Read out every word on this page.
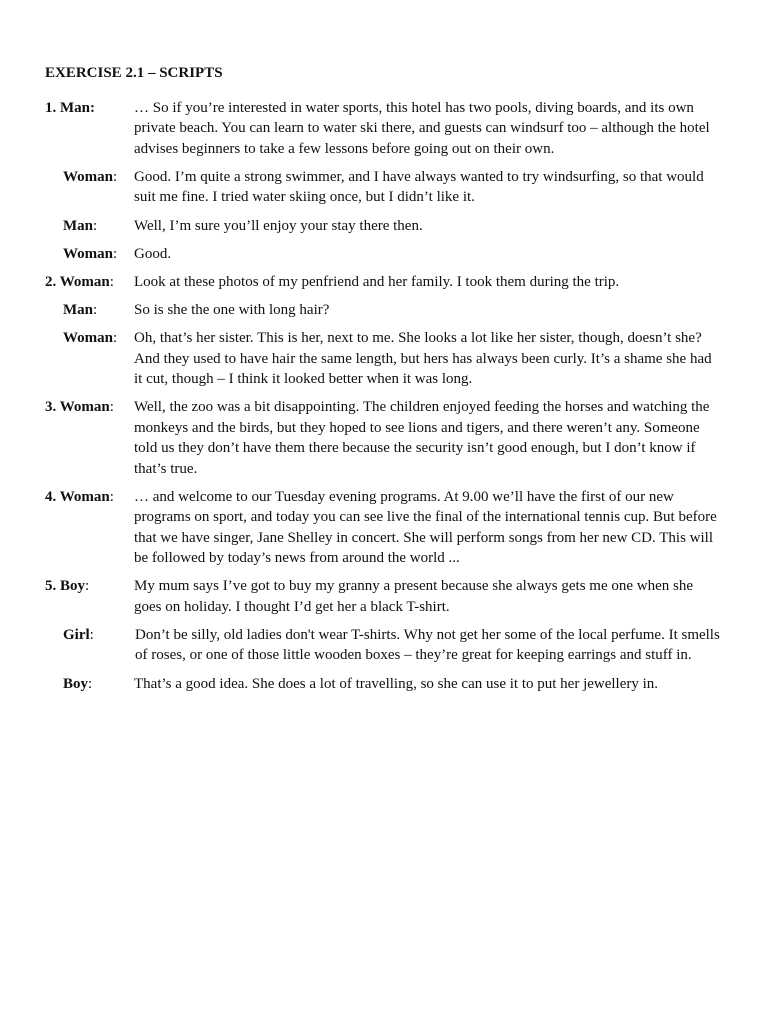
EXERCISE 2.1 – SCRIPTS
1. Man:	… So if you’re interested in water sports, this hotel has two pools, diving boards, and its own private beach. You can learn to water ski there, and guests can windsurf too – although the hotel advises beginners to take a few lessons before going out on their own.
Woman:	Good. I’m quite a strong swimmer, and I have always wanted to try windsurfing, so that would suit me fine. I tried water skiing once, but I didn’t like it.
Man:	Well, I’m sure you’ll enjoy your stay there then.
Woman:	Good.
2. Woman:	Look at these photos of my penfriend and her family. I took them during the trip.
Man:	So is she the one with long hair?
Woman:	Oh, that’s her sister. This is her, next to me. She looks a lot like her sister, though, doesn’t she? And they used to have hair the same length, but hers has always been curly. It’s a shame she had it cut, though – I think it looked better when it was long.
3. Woman:	Well, the zoo was a bit disappointing. The children enjoyed feeding the horses and watching the monkeys and the birds, but they hoped to see lions and tigers, and there weren’t any. Someone told us they don’t have them there because the security isn’t good enough, but I don’t know if that’s true.
4. Woman:	… and welcome to our Tuesday evening programs. At 9.00 we’ll have the first of our new programs on sport, and today you can see live the final of the international tennis cup. But before that we have singer, Jane Shelley in concert. She will perform songs from her new CD. This will be followed by today’s news from around the world ...
5. Boy:	My mum says I’ve got to buy my granny a present because she always gets me one when she goes on holiday. I thought I’d get her a black T-shirt.
Girl:	Don’t be silly, old ladies don't wear T-shirts. Why not get her some of the local perfume. It smells of roses, or one of those little wooden boxes – they’re great for keeping earrings and stuff in.
Boy:	That’s a good idea. She does a lot of travelling, so she can use it to put her jewellery in.
